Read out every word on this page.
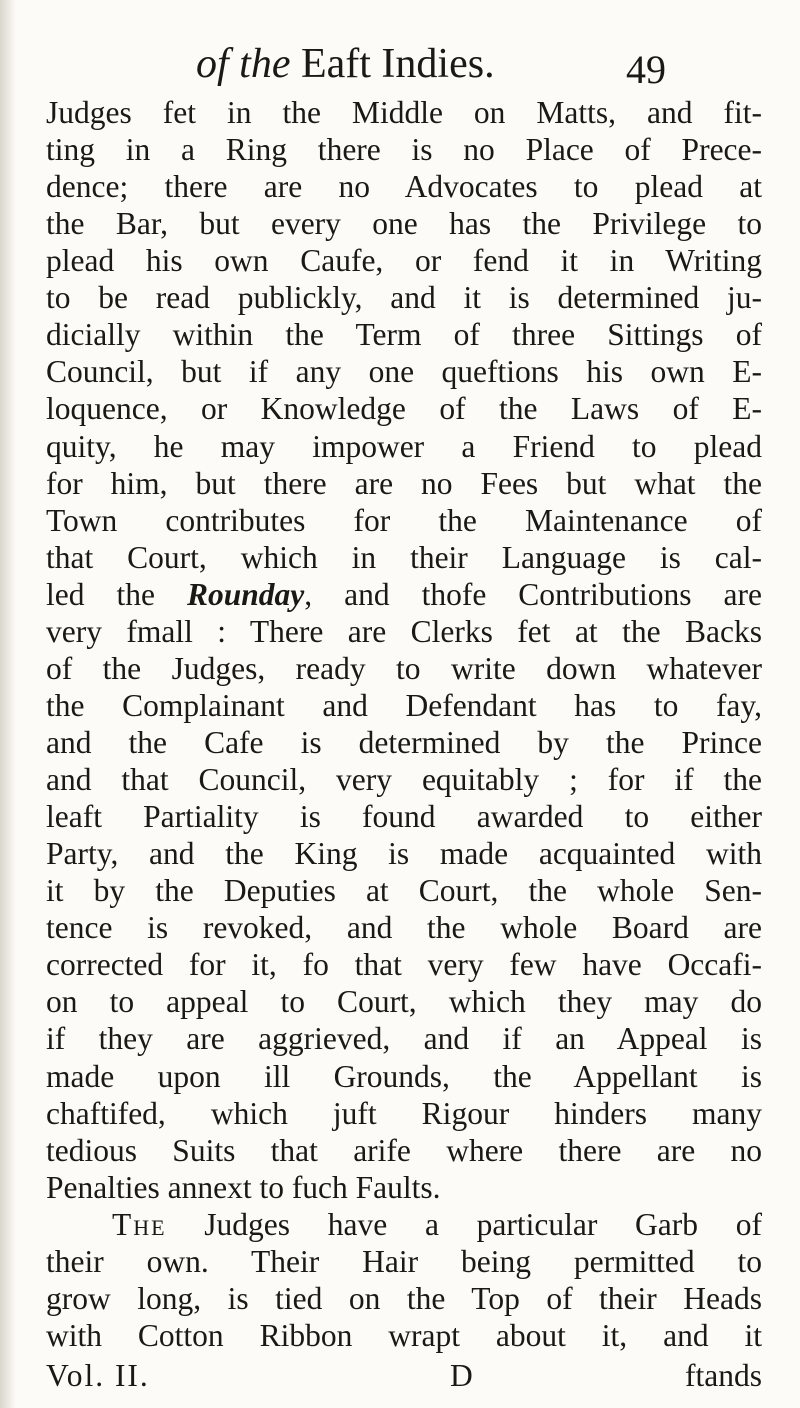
of the Eaft Indies.	49
Judges fet in the Middle on Matts, and fit-
ting in a Ring there is no Place of Prece-
dence; there are no Advocates to plead at
the Bar, but every one has the Privilege to
plead his own Caufe, or fend it in Writing
to be read publickly, and it is determined ju-
dicially within the Term of three Sittings of
Council, but if any one queftions his own E-
loquence, or Knowledge of the Laws of E-
quity, he may impower a Friend to plead
for him, but there are no Fees but what the
Town contributes for the Maintenance of
that Court, which in their Language is cal-
led the Rounday, and thofe Contributions are
very fmall : There are Clerks fet at the Backs
of the Judges, ready to write down whatever
the Complainant and Defendant has to fay,
and the Cafe is determined by the Prince
and that Council, very equitably ; for if the
leaft Partiality is found awarded to either
Party, and the King is made acquainted with
it by the Deputies at Court, the whole Sen-
tence is revoked, and the whole Board are
corrected for it, fo that very few have Occafi-
on to appeal to Court, which they may do
if they are aggrieved, and if an Appeal is
made upon ill Grounds, the Appellant is
chaftifed, which juft Rigour hinders many
tedious Suits that arife where there are no
Penalties annext to fuch Faults.
The Judges have a particular Garb of
their own. Their Hair being permitted to
Vol. II.	D	ftands
grow long, is tied on the Top of their Heads
with Cotton Ribbon wrapt about it, and it
